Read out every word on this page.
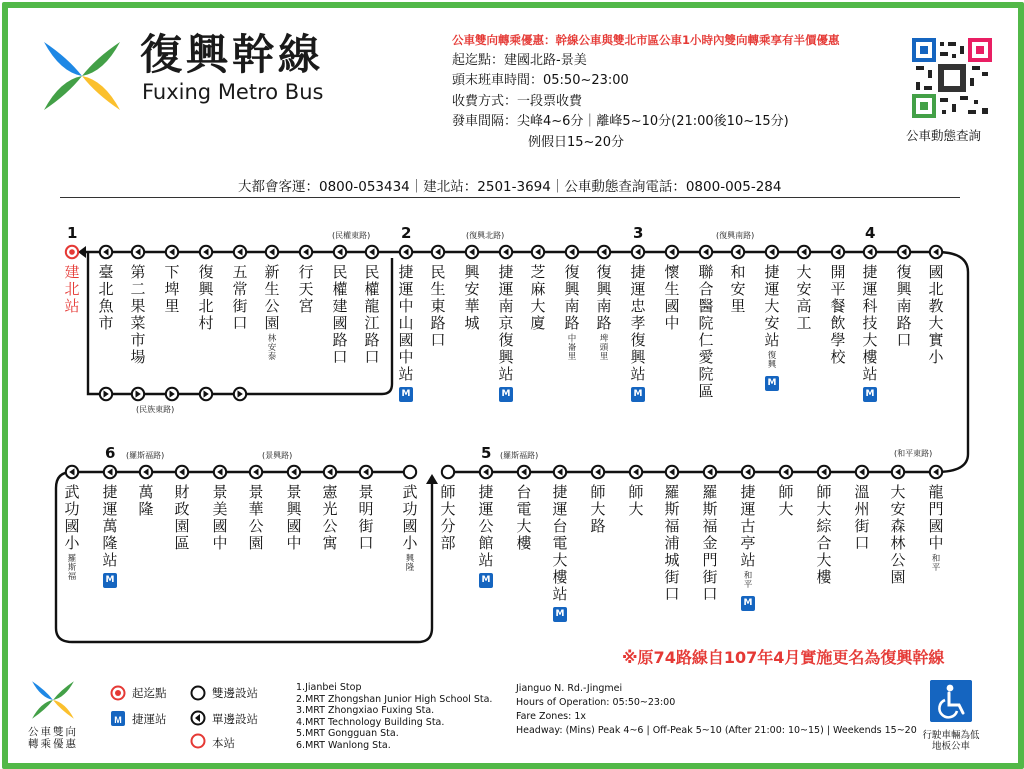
復興幹線
Fuxing Metro Bus
公車雙向轉乘優惠：幹線公車與雙北市區公車1小時內雙向轉乘享有半價優惠
起迄點：建國北路-景美
頭末班車時間：05:50~23:00
收費方式：一段票收費
發車間隔：尖峰4~6分｜離峰5~10分(21:00後10~15分)
例假日15~20分	公車動態查詢
大都會客運：0800-053434｜建北站：2501-3694｜公車動態查詢電話：0800-005-284
建
北
站
1
臺
北
魚
市
第
二
果
菜
市
場
下
埤
里
復
興
北
村
五
常
街
口
新
生
公
園
林
安
泰
行
天
宮
民
權
建
國
路
口
民
權
龍
江
路
口
捷
運
中
山
國
中
站
M
2
民
生
東
路
口
興
安
華
城
捷
運
南
京
復
興
站
M
芝
麻
大
廈
復
興
南
路
中
崙
里
復
興
南
路
埤
頭
里
捷
運
忠
孝
復
興
站
M
3
懷
生
國
中
聯
合
醫
院
仁
愛
院
區
和
安
里
捷
運
大
安
站
復
興
M
大
安
高
工
開
平
餐
飲
學
校
捷
運
科
技
大
樓
站
M
4
復
興
南
路
口
國
北
教
大
實
小
武
功
國
小
羅
斯
福
捷
運
萬
隆
站
M
6
萬
隆
財
政
園
區
景
美
國
中
景
華
公
園
景
興
國
中
憲
光
公
寓
景
明
街
口
武
功
國
小
興
隆
師
大
分
部
捷
運
公
館
站
M
5
台
電
大
樓
捷
運
台
電
大
樓
站
M
師
大
路
師
大
羅
斯
福
浦
城
街
口
羅
斯
福
金
門
街
口
捷
運
古
亭
站
和
平
M
師
大
師
大
綜
合
大
樓
溫
州
街
口
大
安
森
林
公
園
龍
門
國
中
和
平
(民權東路)	(復興北路)	(復興南路)
(和平東路)
(民族東路)
(羅斯福路)	(景興路)	(羅斯福路)
※原74路線自107年4月實施更名為復興幹線
公車雙向轉乘優惠
起迄點
M 捷運站
雙邊設站
單邊設站
本站
1.Jianbei Stop
2.MRT Zhongshan Junior High School Sta.
3.MRT Zhongxiao Fuxing Sta.
4.MRT Technology Building Sta.
5.MRT Gongguan Sta.
6.MRT Wanlong Sta.
Jianguo N. Rd.-Jingmei
Hours of Operation: 05:50~23:00
Fare Zones: 1x
Headway: (Mins) Peak 4~6 | Off-Peak 5~10 (After 21:00: 10~15) | Weekends 15~20 行駛車輛為低地板公車
